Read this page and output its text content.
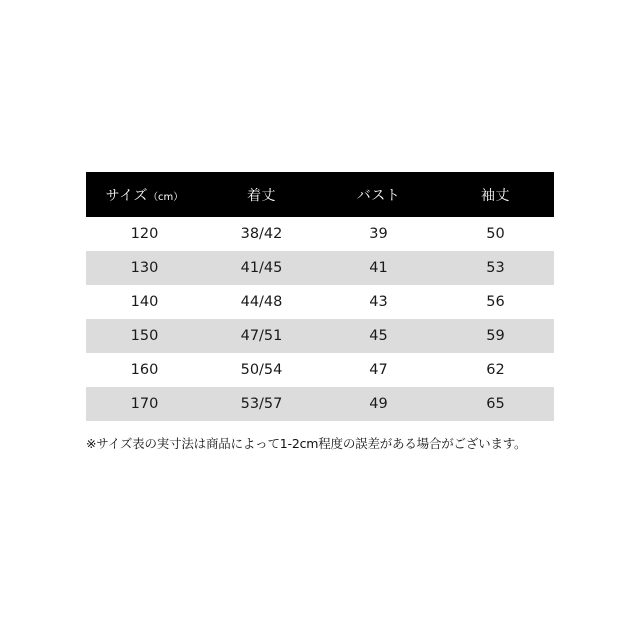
サイズ（cm）	着丈	バスト	袖丈
120	38/42	39	50
130	41/45	41	53
140	44/48	43	56
150	47/51	45	59
160	50/54	47	62
170	53/57	49	65
※サイズ表の実寸法は商品によって1-2cm程度の誤差がある場合がございます。
